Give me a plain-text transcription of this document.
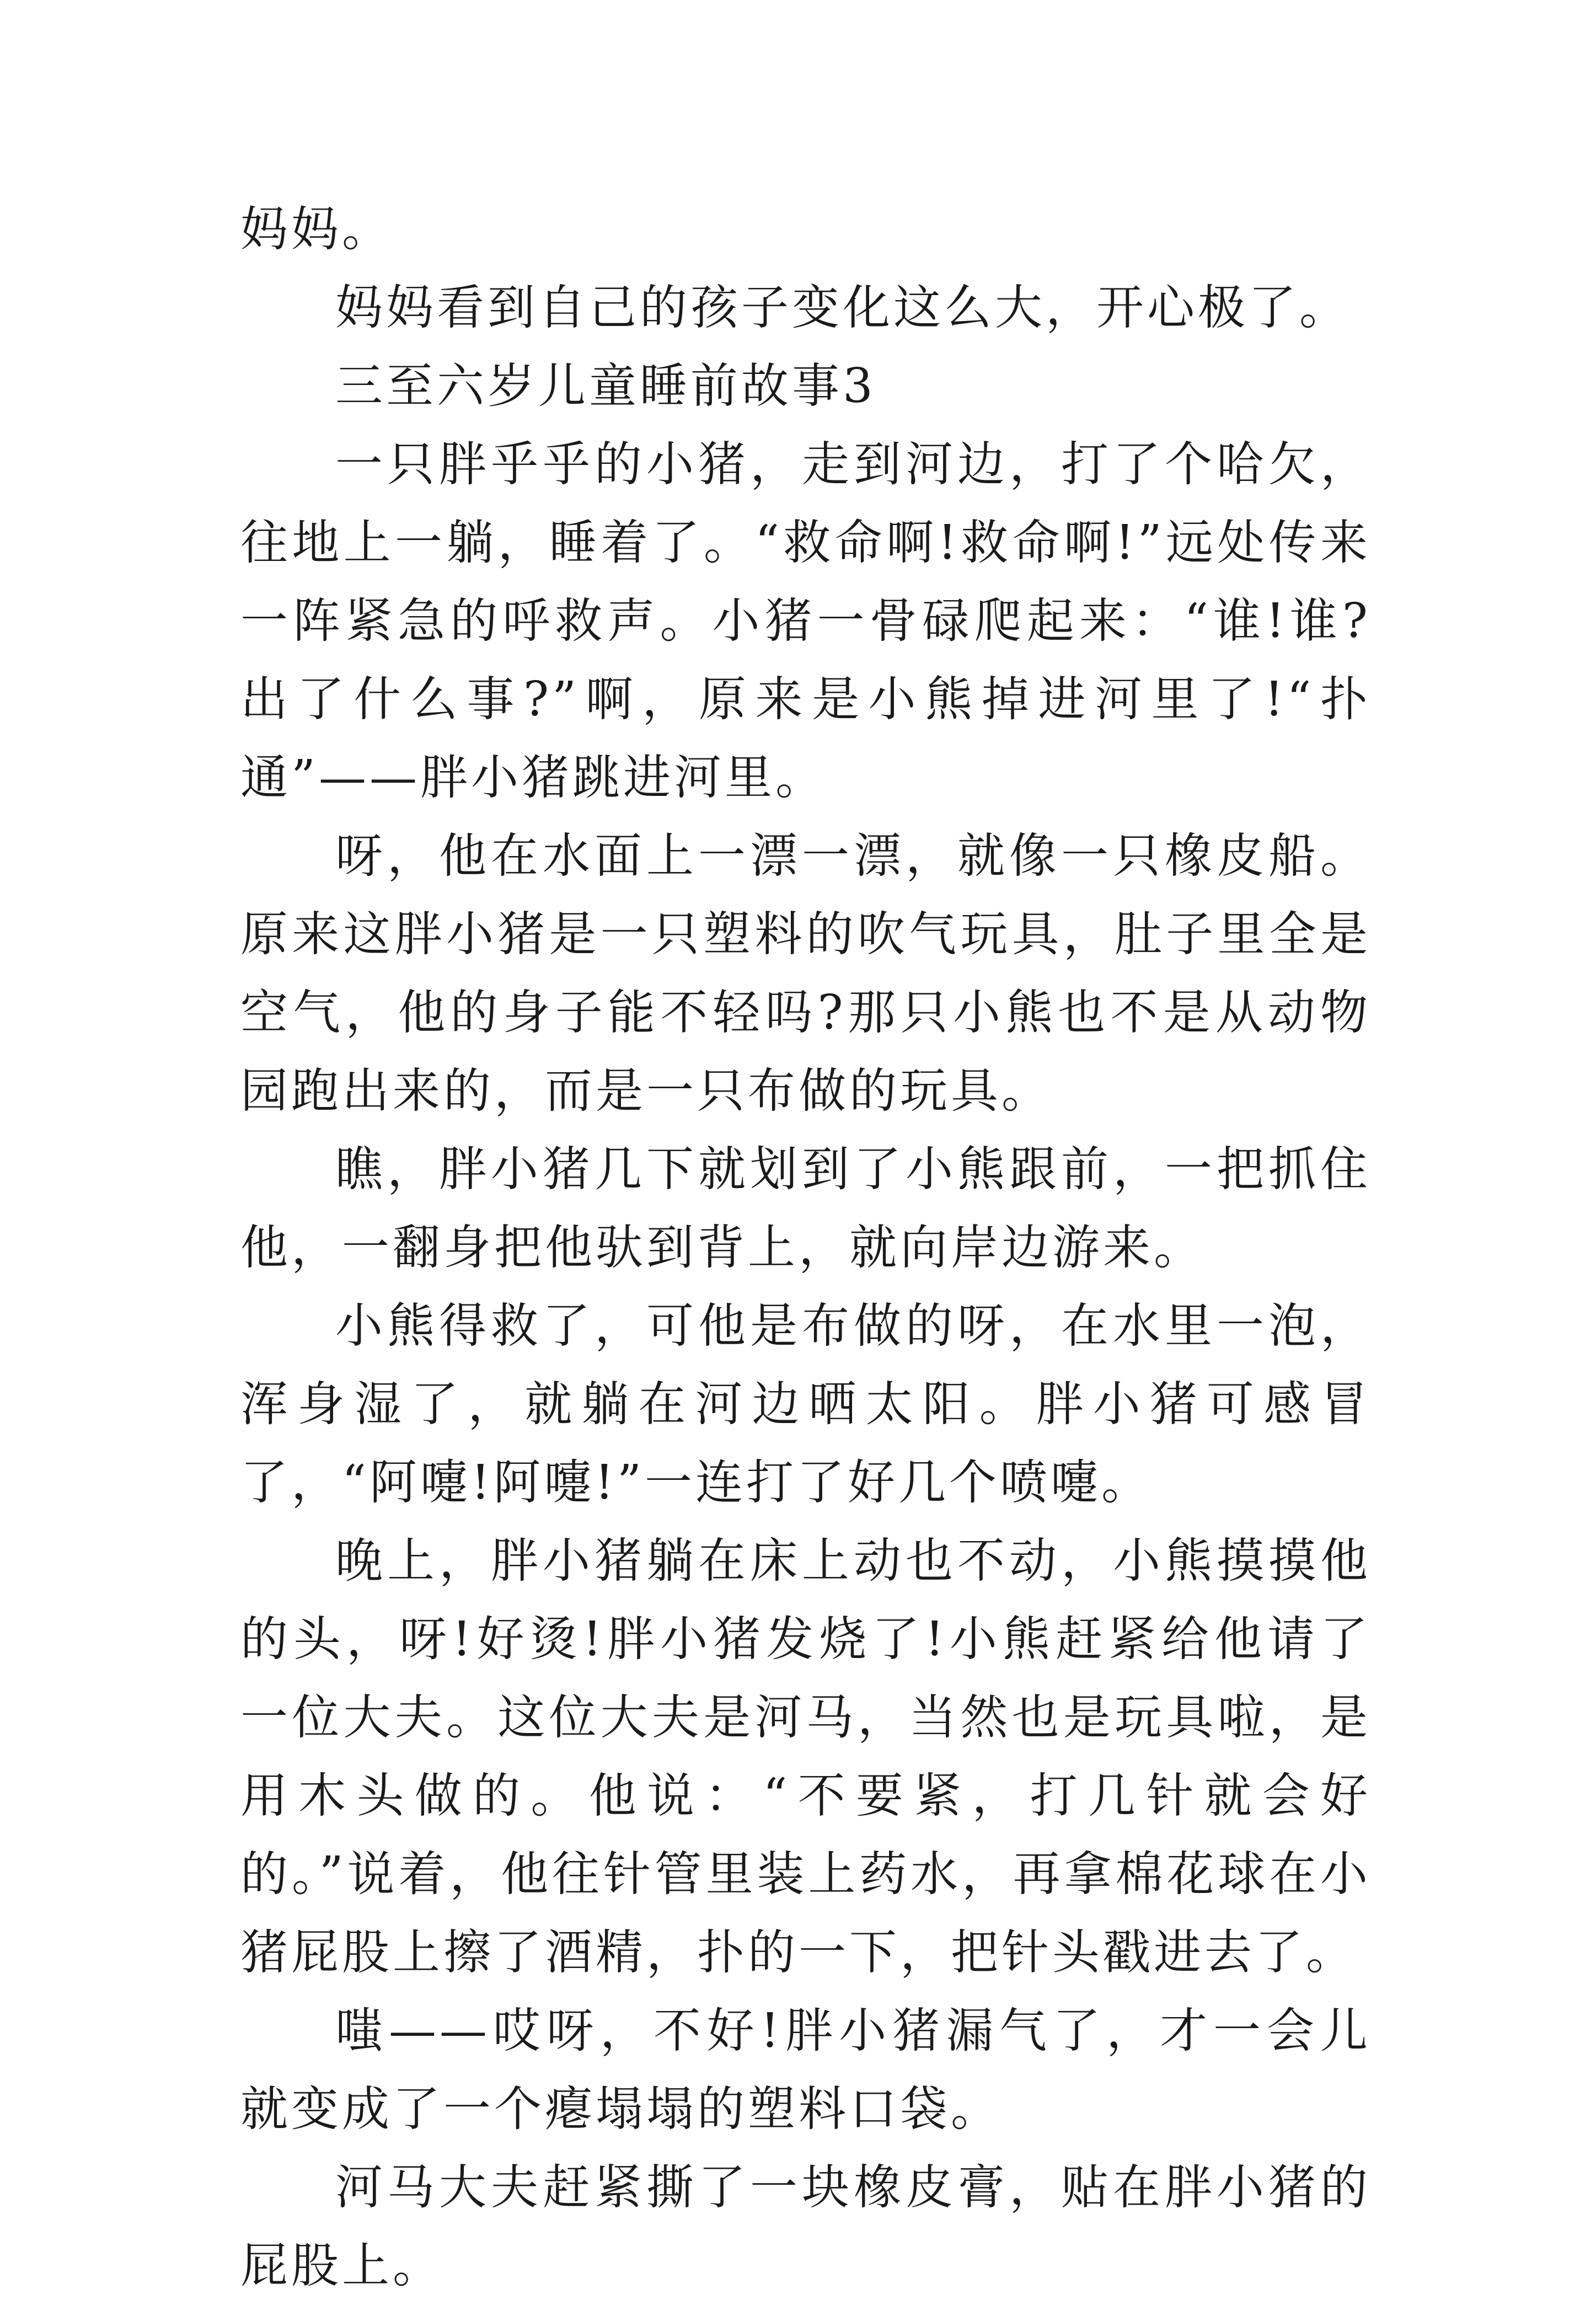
妈妈。

妈妈看到自己的孩子变化这么大，开心极了。

三至六岁儿童睡前故事3

一只胖乎乎的小猪，走到河边，打了个哈欠，往地上一躺，睡着了。“救命啊!救命啊!”远处传来一阵紧急的呼救声。小猪一骨碌爬起来：“谁!谁?出了什么事?”啊，原来是小熊掉进河里了!“扑通”——胖小猪跳进河里。

呀，他在水面上一漂一漂，就像一只橡皮船。原来这胖小猪是一只塑料的吹气玩具，肚子里全是空气，他的身子能不轻吗?那只小熊也不是从动物园跑出来的，而是一只布做的玩具。

瞧，胖小猪几下就划到了小熊跟前，一把抓住他，一翻身把他驮到背上，就向岸边游来。

小熊得救了，可他是布做的呀，在水里一泡，浑身湿了，就躺在河边晒太阳。胖小猪可感冒了，“阿嚏!阿嚏!”一连打了好几个喷嚏。

晚上，胖小猪躺在床上动也不动，小熊摸摸他的头，呀!好烫!胖小猪发烧了!小熊赶紧给他请了一位大夫。这位大夫是河马，当然也是玩具啦，是用木头做的。他说：“不要紧，打几针就会好的。”说着，他往针管里装上药水，再拿棉花球在小猪屁股上擦了酒精，扑的一下，把针头戳进去了。

嗤——哎呀，不好!胖小猪漏气了，才一会儿就变成了一个瘪塌塌的塑料口袋。

河马大夫赶紧撕了一块橡皮膏，贴在胖小猪的屁股上。
